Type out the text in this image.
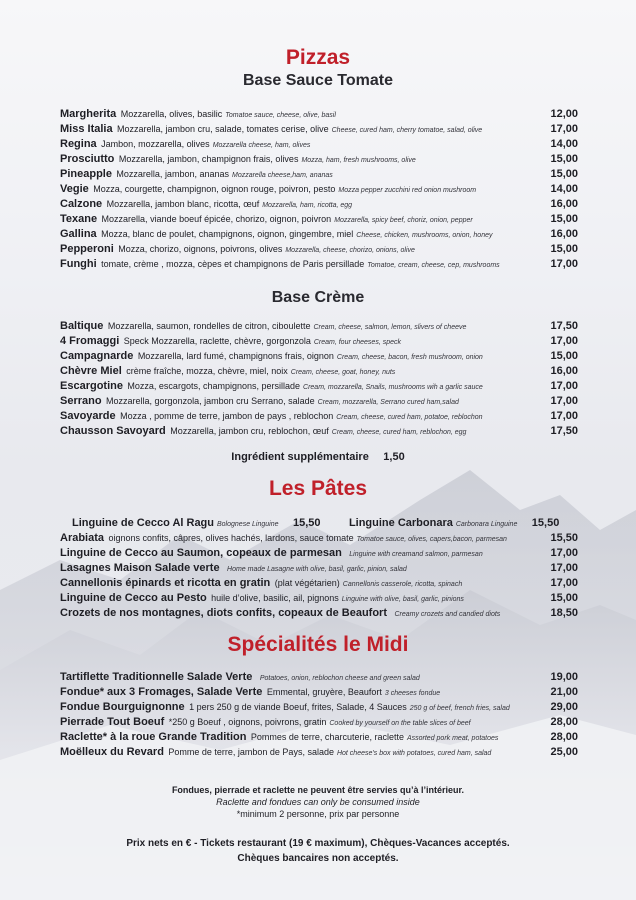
Pizzas
Base Sauce Tomate
Margherita Mozzarella, olives, basilic Tomatoe sauce, cheese, olive, basil	12,00
Miss Italia Mozzarella, jambon cru, salade, tomates cerise, olive Cheese, cured ham, cherry tomatoe, salad, olive	17,00
Regina Jambon, mozzarella, olives Mozzarella cheese, ham, olives	14,00
Prosciutto Mozzarella, jambon, champignon frais, olives Mozza, ham, fresh mushrooms, olive	15,00
Pineapple Mozzarella, jambon, ananas Mozzarella cheese,ham, ananas	15,00
Vegie Mozza, courgette, champignon, oignon rouge, poivron, pesto Mozza pepper zucchini red onion mushroom	14,00
Calzone Mozzarella, jambon blanc, ricotta, œuf Mozzarella, ham, ricotta, egg	16,00
Texane Mozzarella, viande boeuf épicée, chorizo, oignon, poivron Mozzarella, spicy beef, choriz, onion, pepper	15,00
Gallina Mozza, blanc de poulet, champignons, oignon, gingembre, miel Cheese, chicken, mushrooms, onion, honey	16,00
Pepperoni Mozza, chorizo, oignons, poivrons, olives Mozzarella, cheese, chorizo, onions, olive	15,00
Funghi tomate, crème , mozza, cèpes et champignons de Paris persillade Tomatoe, cream, cheese, cep, mushrooms	17,00
Base Crème
Baltique Mozzarella, saumon, rondelles de citron, ciboulette Cream, cheese, salmon, lemon, slivers of cheeve	17,50
4 Fromaggi Speck Mozzarella, raclette, chèvre, gorgonzola Cream, four cheeses, speck	17,00
Campagnarde Mozzarella, lard fumé, champignons frais, oignon Cream, cheese, bacon, fresh mushroom, onion	15,00
Chèvre Miel crème fraîche, mozza, chèvre, miel, noix Cream, cheese, goat, honey, nuts	16,00
Escargotine Mozza, escargots, champignons, persillade Cream, mozzarella, Snails, mushrooms wih a garlic sauce	17,00
Serrano Mozzarella, gorgonzola, jambon cru Serrano, salade Cream, mozzarella, Serrano cured ham,salad	17,00
Savoyarde Mozza , pomme de terre, jambon de pays , reblochon Cream, cheese, cured ham, potatoe, reblochon	17,00
Chausson Savoyard Mozzarella, jambon cru, reblochon, œuf Cream, cheese, cured ham, reblochon, egg	17,50
Ingrédient supplémentaire 1,50
Les Pâtes
Linguine de Cecco Al Ragu Bolognese Linguine 15,50	Linguine Carbonara Carbonara Linguine 15,50
Arabiata oignons confits, câpres, olives hachés, lardons, sauce tomate Tomatoe sauce, olives, capers,bacon, parmesan	15,50
Linguine de Cecco au Saumon, copeaux de parmesan Linguine with creamand salmon, parmesan	17,00
Lasagnes Maison Salade verte Home made Lasagne with olive, basil, garlic, pinion, salad	17,00
Cannellonis épinards et ricotta en gratin (plat végétarien) Cannellonis casserole, ricotta, spinach	17,00
Linguine de Cecco au Pesto huile d’olive, basilic, ail, pignons Linguine with olive, basil, garlic, pinions	15,00
Crozets de nos montagnes, diots confits, copeaux de Beaufort Creamy crozets and candied diots	18,50
Spécialités le Midi
Tartiflette Traditionnelle Salade Verte Potatoes, onion, reblochon cheese and green salad	19,00
Fondue* aux 3 Fromages, Salade Verte Emmental, gruyère, Beaufort 3 cheeses fondue	21,00
Fondue Bourguignonne 1 pers 250 g de viande Boeuf, frites, Salade, 4 Sauces 250 g of beef, french fries, salad	29,00
Pierrade Tout Boeuf *250 g Boeuf , oignons, poivrons, gratin Cooked by yourself on the table slices of beef	28,00
Raclette* à la roue Grande Tradition Pommes de terre, charcuterie, raclette Assorted pork meat, potatoes	28,00
Moëlleux du Revard Pomme de terre, jambon de Pays, salade Hot cheese’s box with potatoes, cured ham, salad	25,00
Fondues, pierrade et raclette ne peuvent être servies qu’à l’intérieur.
Raclette and fondues can only be consumed inside
*minimum 2 personne, prix par personne
Prix nets en € - Tickets restaurant (19 € maximum), Chèques-Vacances acceptés.
Chèques bancaires non acceptés.
